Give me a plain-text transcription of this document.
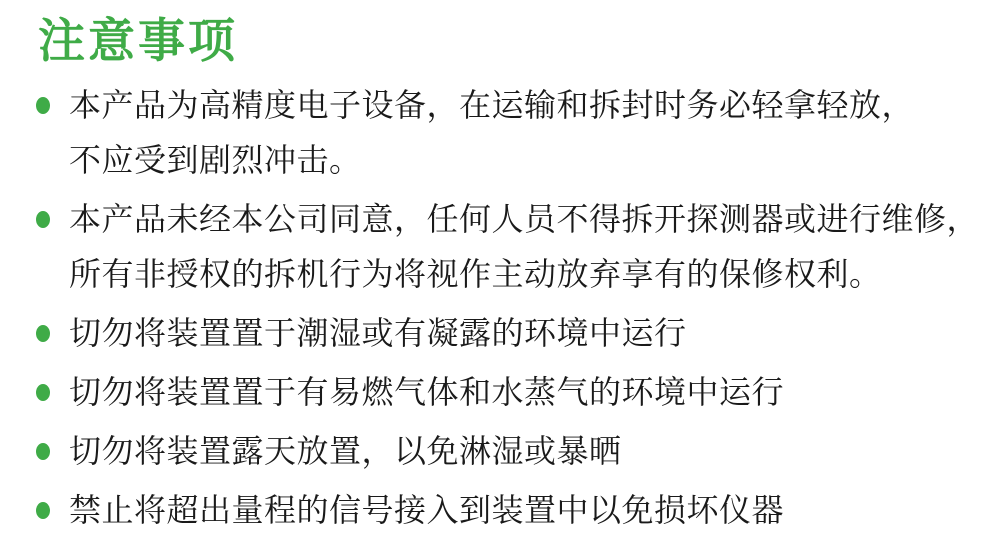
注意事项
本产品为高精度电子设备，在运输和拆封时务必轻拿轻放，
不应受到剧烈冲击。
本产品未经本公司同意，任何人员不得拆开探测器或进行维修，
所有非授权的拆机行为将视作主动放弃享有的保修权利。
切勿将装置置于潮湿或有凝露的环境中运行
切勿将装置置于有易燃气体和水蒸气的环境中运行
切勿将装置露天放置，以免淋湿或暴晒
禁止将超出量程的信号接入到装置中以免损坏仪器
